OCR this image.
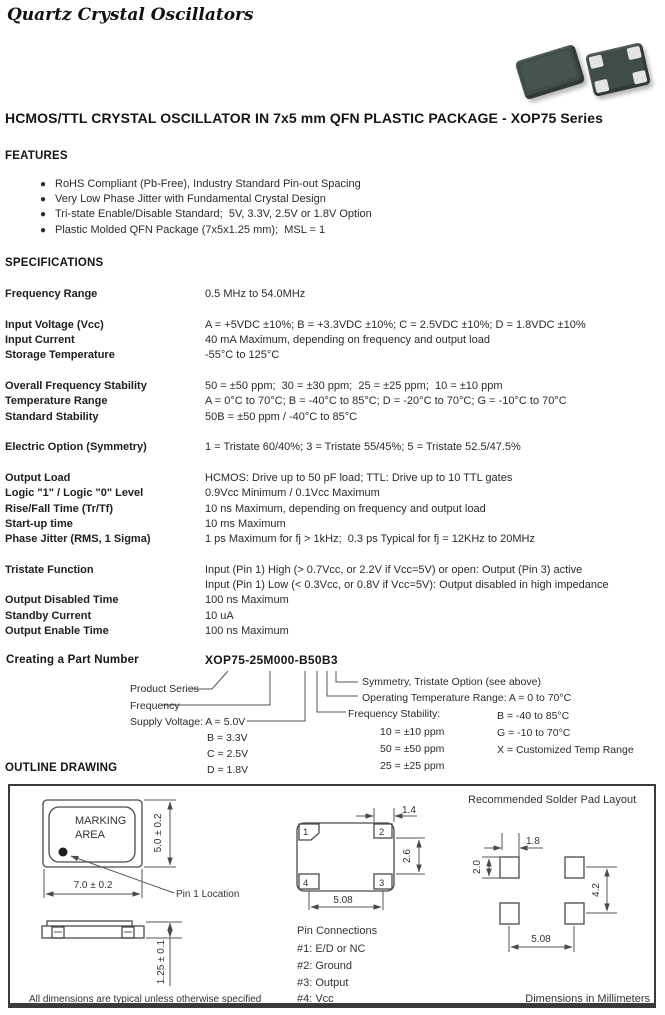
Quartz Crystal Oscillators
HCMOS/TTL CRYSTAL OSCILLATOR IN 7x5 mm QFN PLASTIC PACKAGE - XOP75 Series
FEATURES
● RoHS Compliant (Pb-Free), Industry Standard Pin-out Spacing
● Very Low Phase Jitter with Fundamental Crystal Design
● Tri-state Enable/Disable Standard;  5V, 3.3V, 2.5V or 1.8V Option
● Plastic Molded QFN Package (7x5x1.25 mm);  MSL = 1
SPECIFICATIONS
Frequency Range	0.5 MHz to 54.0MHz
Input Voltage (Vcc)	A = +5VDC ±10%; B = +3.3VDC ±10%; C = 2.5VDC ±10%; D = 1.8VDC ±10%
Input Current	40 mA Maximum, depending on frequency and output load
Storage Temperature	-55°C to 125°C
Overall Frequency Stability	50 = ±50 ppm;  30 = ±30 ppm;  25 = ±25 ppm;  10 = ±10 ppm
Temperature Range	A = 0°C to 70°C; B = -40°C to 85°C; D = -20°C to 70°C; G = -10°C to 70°C
Standard Stability	50B = ±50 ppm / -40°C to 85°C
Electric Option (Symmetry)	1 = Tristate 60/40%; 3 = Tristate 55/45%; 5 = Tristate 52.5/47.5%
Output Load	HCMOS: Drive up to 50 pF load; TTL: Drive up to 10 TTL gates
Logic "1" / Logic "0" Level	0.9Vcc Minimum / 0.1Vcc Maximum
Rise/Fall Time (Tr/Tf)	10 ns Maximum, depending on frequency and output load
Start-up time	10 ms Maximum
Phase Jitter (RMS, 1 Sigma)	1 ps Maximum for fj > 1kHz;  0.3 ps Typical for fj = 12KHz to 20MHz
Tristate Function	Input (Pin 1) High (> 0.7Vcc, or 2.2V if Vcc=5V) or open: Output (Pin 3) active
Input (Pin 1) Low (< 0.3Vcc, or 0.8V if Vcc=5V): Output disabled in high impedance
Output Disabled Time	100 ns Maximum
Standby Current	10 uA
Output Enable Time	100 ns Maximum
Creating a Part Number	XOP75-25M000-B50B3
Product Series
Frequency
Supply Voltage: A = 5.0V
B = 3.3V
C = 2.5V
D = 1.8V
Symmetry, Tristate Option (see above)
Operating Temperature Range: A = 0 to 70°C
B = -40 to 85°C
G = -10 to 70°C
X = Customized Temp Range
Frequency Stability:
10 = ±10 ppm
50 = ±50 ppm
25 = ±25 ppm
OUTLINE DRAWING
MARKING
AREA	5.0 ± 0.2
7.0 ± 0.2
Pin 1 Location
1.25 ± 0.1
All dimensions are typical unless otherwise specified
1	2
4	3
1.4
2.6
5.08
Pin Connections
#1: E/D or NC
#2: Ground
#3: Output
#4: Vcc
Recommended Solder Pad Layout
1.8
2.0
4.2
5.08
Dimensions in Millimeters
